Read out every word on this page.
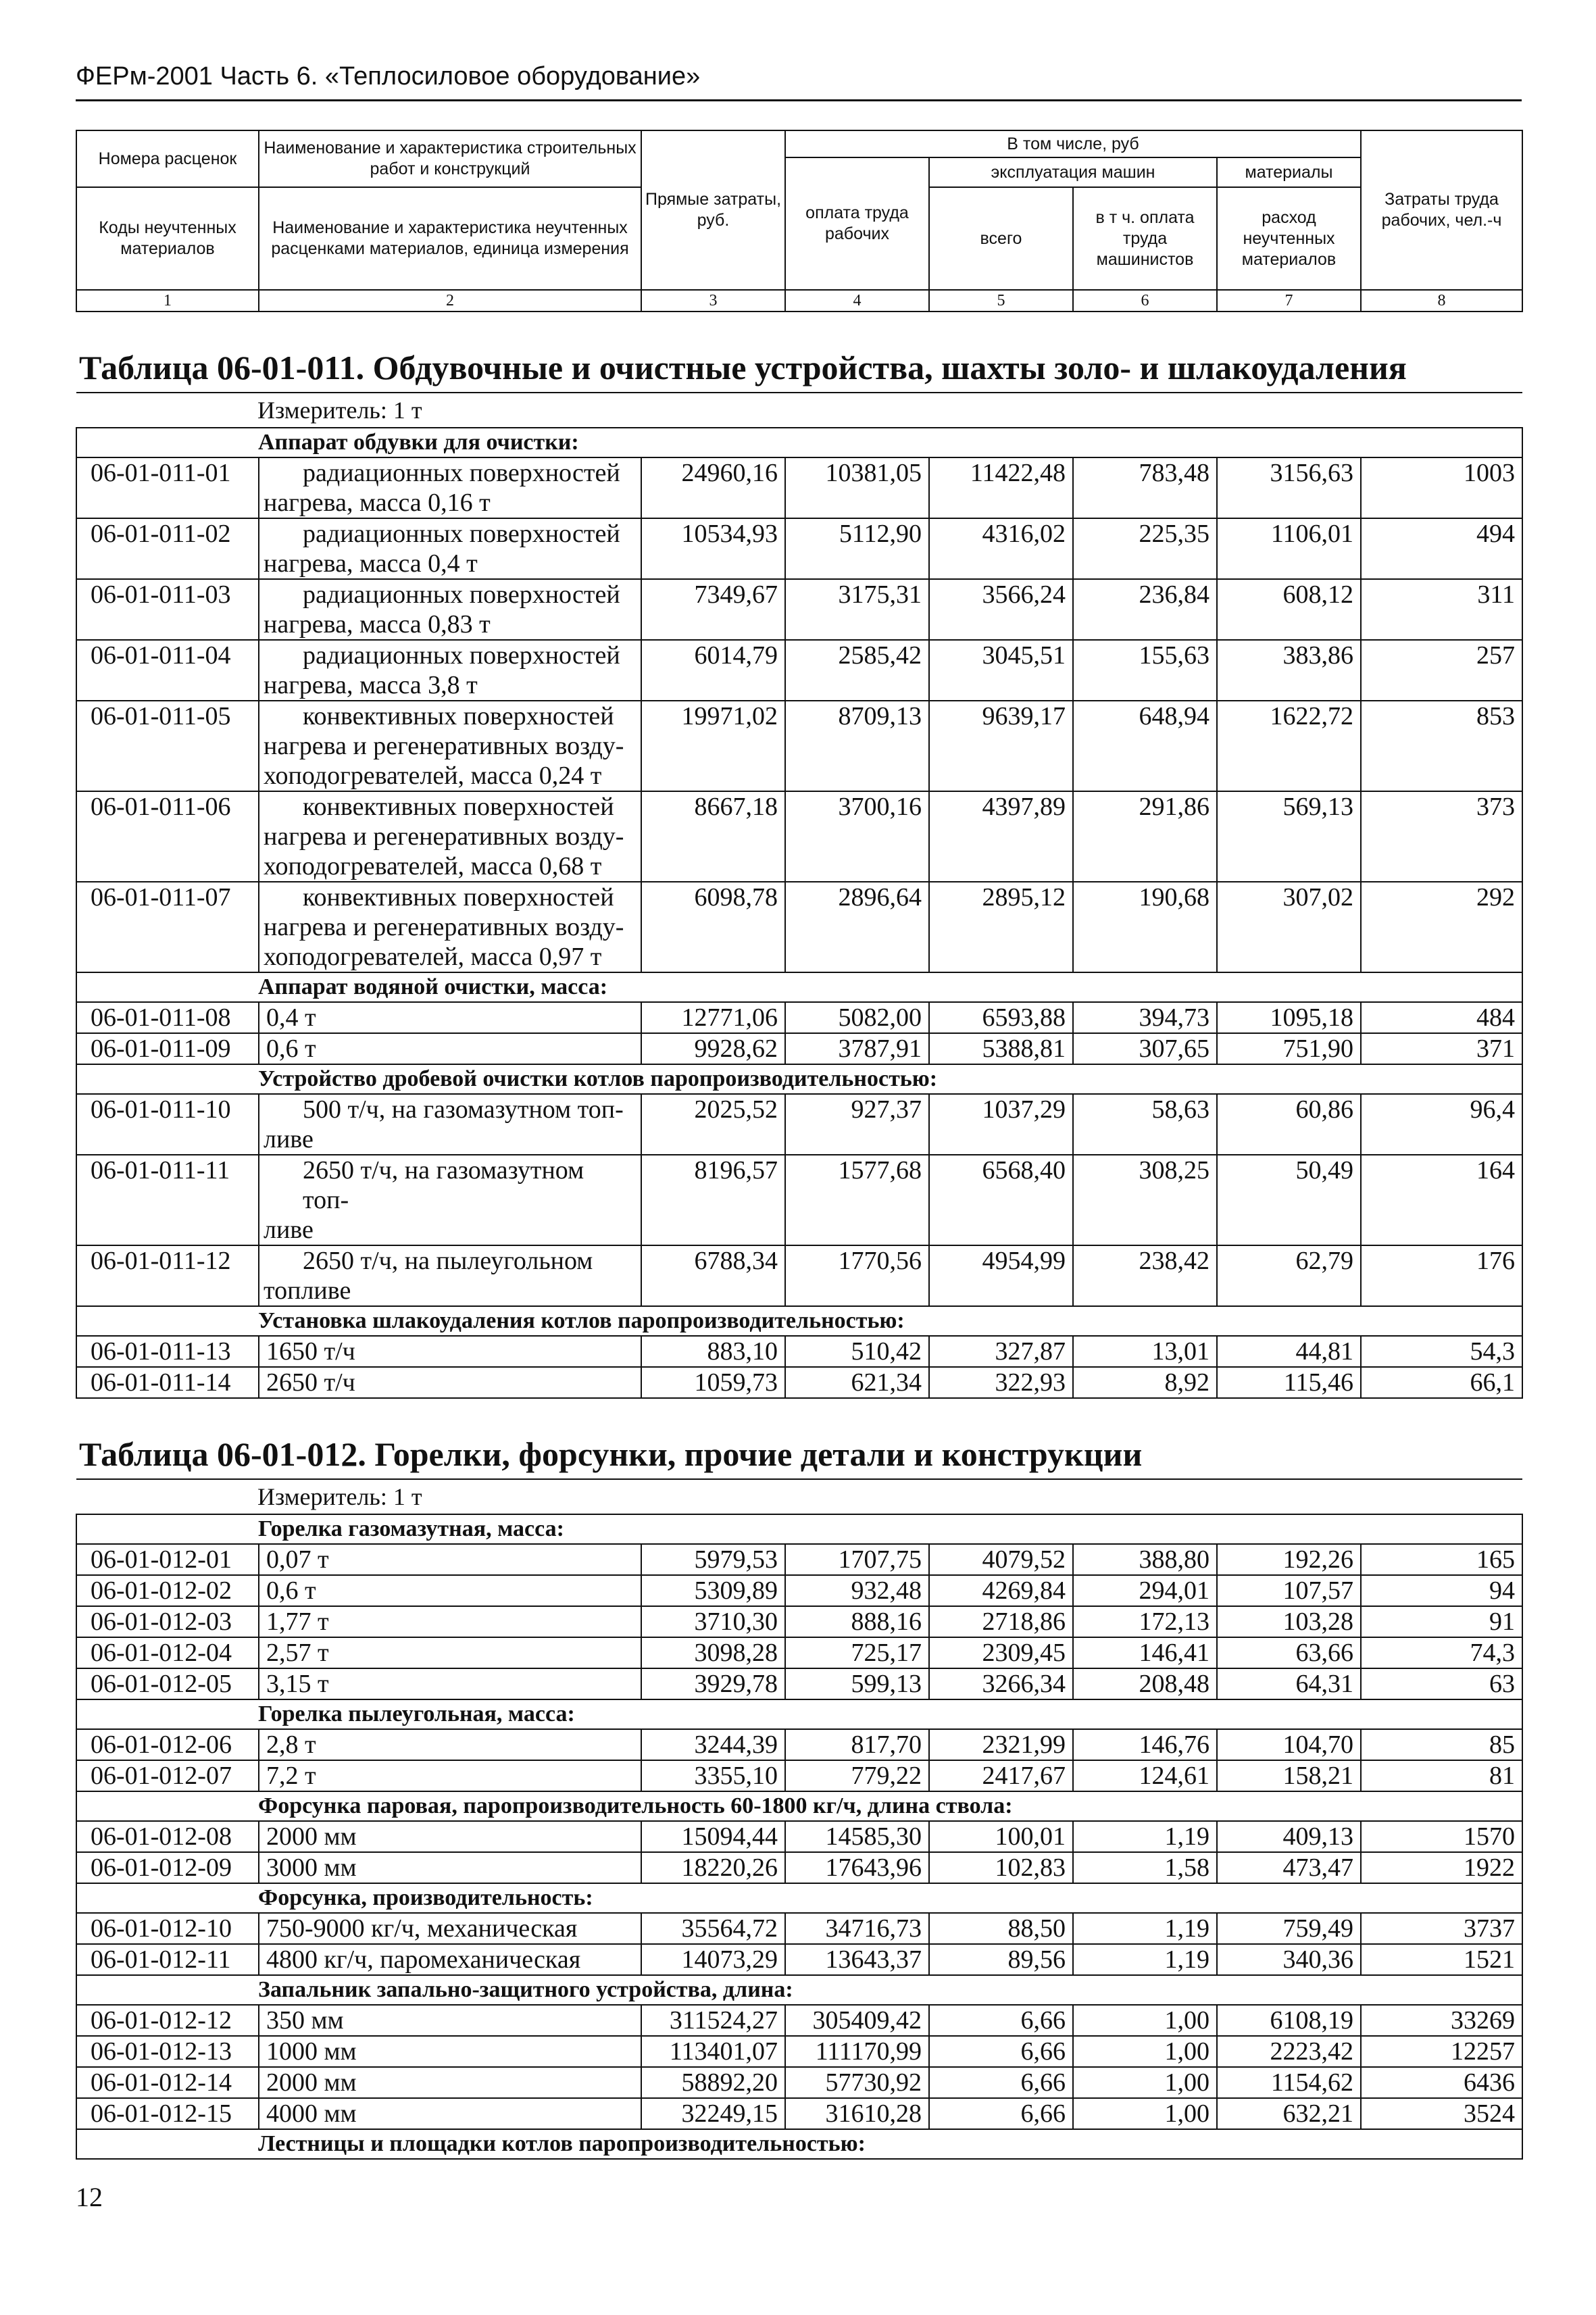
ФЕРм-2001 Часть 6. «Теплосиловое оборудование»
Номера расценок	Наименование и характеристика строительных работ и конструкций	Прямые затраты, руб.	В том числе, руб				Затраты труда рабочих, чел.-ч
			оплата труда рабочих	эксплуатация машин		материалы	
Коды неучтенных материалов	Наименование и характеристика неучтенных расценками материалов, единица измерения			всего	в т ч. оплата труда машинистов	расход неучтенных материалов	

1	2	3	4	5	6	7	8
Таблица 06-01-011. Обдувочные и очистные устройства, шахты золо- и шлакоудаления							
Измеритель: 1 т							
Аппарат обдувки для очистки:							
06-01-011-01	радиационных поверхностей
нагрева, масса 0,16 т	24960,16	10381,05	11422,48	783,48	3156,63	1003
06-01-011-02	радиационных поверхностей
нагрева, масса 0,4 т	10534,93	5112,90	4316,02	225,35	1106,01	494
06-01-011-03	радиационных поверхностей
нагрева, масса 0,83 т	7349,67	3175,31	3566,24	236,84	608,12	311
06-01-011-04	радиационных поверхностей
нагрева, масса 3,8 т	6014,79	2585,42	3045,51	155,63	383,86	257
06-01-011-05	конвективных поверхностей
нагрева и регенеративных возду-
хоподогревателей, масса 0,24 т	19971,02	8709,13	9639,17	648,94	1622,72	853
06-01-011-06	конвективных поверхностей
нагрева и регенеративных возду-
хоподогревателей, масса 0,68 т	8667,18	3700,16	4397,89	291,86	569,13	373
06-01-011-07	конвективных поверхностей
нагрева и регенеративных возду-
хоподогревателей, масса 0,97 т	6098,78	2896,64	2895,12	190,68	307,02	292
Аппарат водяной очистки, масса:							
06-01-011-08	0,4 т	12771,06	5082,00	6593,88	394,73	1095,18	484
06-01-011-09	0,6 т	9928,62	3787,91	5388,81	307,65	751,90	371
Устройство дробевой очистки котлов паропроизводительностью:							
06-01-011-10	500 т/ч, на газомазутном топ-
ливе	2025,52	927,37	1037,29	58,63	60,86	96,4
06-01-011-11	2650 т/ч, на газомазутном топ-
ливе	8196,57	1577,68	6568,40	308,25	50,49	164
06-01-011-12	2650 т/ч, на пылеугольном
топливе	6788,34	1770,56	4954,99	238,42	62,79	176
Установка шлакоудаления котлов паропроизводительностью:							
06-01-011-13	1650 т/ч	883,10	510,42	327,87	13,01	44,81	54,3
06-01-011-14	2650 т/ч	1059,73	621,34	322,93	8,92	115,46	66,1
Таблица 06-01-012. Горелки, форсунки, прочие детали и конструкции							
Измеритель: 1 т							
Горелка газомазутная, масса:							
06-01-012-01	0,07 т	5979,53	1707,75	4079,52	388,80	192,26	165
06-01-012-02	0,6 т	5309,89	932,48	4269,84	294,01	107,57	94
06-01-012-03	1,77 т	3710,30	888,16	2718,86	172,13	103,28	91
06-01-012-04	2,57 т	3098,28	725,17	2309,45	146,41	63,66	74,3
06-01-012-05	3,15 т	3929,78	599,13	3266,34	208,48	64,31	63
Горелка пылеугольная, масса:							
06-01-012-06	2,8 т	3244,39	817,70	2321,99	146,76	104,70	85
06-01-012-07	7,2 т	3355,10	779,22	2417,67	124,61	158,21	81
Форсунка паровая, паропроизводительность 60-1800 кг/ч, длина ствола:							
06-01-012-08	2000 мм	15094,44	14585,30	100,01	1,19	409,13	1570
06-01-012-09	3000 мм	18220,26	17643,96	102,83	1,58	473,47	1922
Форсунка, производительность:							
06-01-012-10	750-9000 кг/ч, механическая	35564,72	34716,73	88,50	1,19	759,49	3737
06-01-012-11	4800 кг/ч, паромеханическая	14073,29	13643,37	89,56	1,19	340,36	1521
Запальник запально-защитного устройства, длина:							
06-01-012-12	350 мм	311524,27	305409,42	6,66	1,00	6108,19	33269
06-01-012-13	1000 мм	113401,07	111170,99	6,66	1,00	2223,42	12257
06-01-012-14	2000 мм	58892,20	57730,92	6,66	1,00	1154,62	6436
06-01-012-15	4000 мм	32249,15	31610,28	6,66	1,00	632,21	3524
Лестницы и площадки котлов паропроизводительностью:							

12
